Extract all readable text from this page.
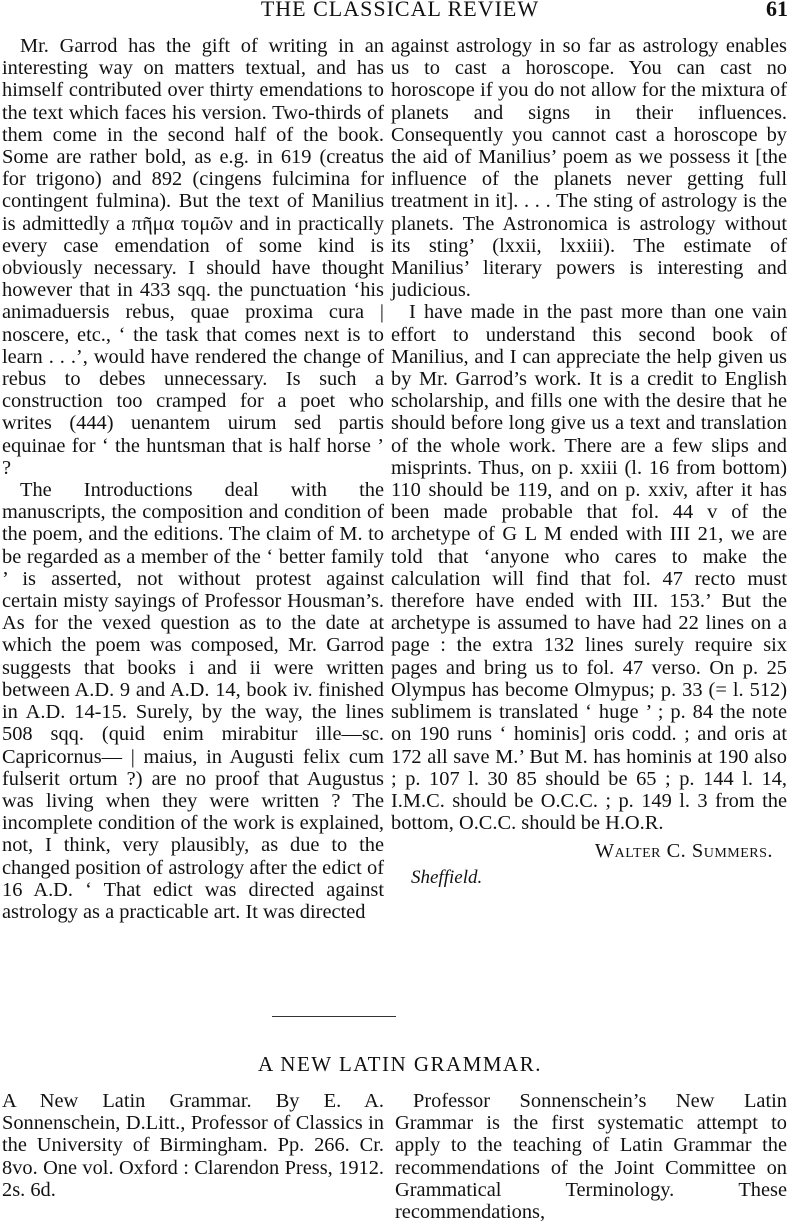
THE CLASSICAL REVIEW	61

Mr. Garrod has the gift of writing in an interesting way on matters textual, and has himself contributed over thirty emendations to the text which faces his version. Two-thirds of them come in the second half of the book. Some are rather bold, as e.g. in 619 (creatus for trigono) and 892 (cingens fulcimina for contingent fulmina). But the text of Manilius is admittedly a πῆμα τομῶν and in practically every case emendation of some kind is obviously necessary. I should have thought however that in 433 sqq. the punctuation ‘his animaduersis rebus, quae proxima cura | noscere, etc., ‘ the task that comes next is to learn . . .’, would have rendered the change of rebus to debes unnecessary. Is such a construction too cramped for a poet who writes (444) uenantem uirum sed partis equinae for ‘ the huntsman that is half horse ’ ?

The Introductions deal with the manuscripts, the composition and condition of the poem, and the editions. The claim of M. to be regarded as a member of the ‘ better family ’ is asserted, not without protest against certain misty sayings of Professor Housman’s. As for the vexed question as to the date at which the poem was composed, Mr. Garrod suggests that books i and ii were written between A.D. 9 and A.D. 14, book iv. finished in A.D. 14-15. Surely, by the way, the lines 508 sqq. (quid enim mirabitur ille—sc. Capricornus— | maius, in Augusti felix cum fulserit ortum ?) are no proof that Augustus was living when they were written ? The incomplete condition of the work is explained, not, I think, very plausibly, as due to the changed position of astrology after the edict of 16 A.D. ‘ That edict was directed against astrology as a practicable art. It was directed

against astrology in so far as astrology enables us to cast a horoscope. You can cast no horoscope if you do not allow for the mixtura of planets and signs in their influences. Consequently you cannot cast a horoscope by the aid of Manilius’ poem as we possess it [the influence of the planets never getting full treatment in it]. . . . The sting of astrology is the planets. The Astronomica is astrology without its sting’ (lxxii, lxxiii). The estimate of Manilius’ literary powers is interesting and judicious.

I have made in the past more than one vain effort to understand this second book of Manilius, and I can appreciate the help given us by Mr. Garrod’s work. It is a credit to English scholarship, and fills one with the desire that he should before long give us a text and translation of the whole work. There are a few slips and misprints. Thus, on p. xxiii (l. 16 from bottom) 110 should be 119, and on p. xxiv, after it has been made probable that fol. 44 v of the archetype of G L M ended with III 21, we are told that ‘anyone who cares to make the calculation will find that fol. 47 recto must therefore have ended with III. 153.’ But the archetype is assumed to have had 22 lines on a page : the extra 132 lines surely require six pages and bring us to fol. 47 verso. On p. 25 Olympus has become Olmypus; p. 33 (= l. 512) sublimem is translated ‘ huge ’ ; p. 84 the note on 190 runs ‘ hominis] oris codd. ; and oris at 172 all save M.’ But M. has hominis at 190 also ; p. 107 l. 30 85 should be 65 ; p. 144 l. 14, I.M.C. should be O.C.C. ; p. 149 l. 3 from the bottom, O.C.C. should be H.O.R.

Walter C. Summers.
Sheffield.
A NEW LATIN GRAMMAR.
A New Latin Grammar. By E. A. Sonnenschein, D.Litt., Professor of Classics in the University of Birmingham. Pp. 266. Cr. 8vo. One vol. Oxford : Clarendon Press, 1912. 2s. 6d.
Professor Sonnenschein’s New Latin Grammar is the first systematic attempt to apply to the teaching of Latin Grammar the recommendations of the Joint Committee on Grammatical Terminology. These recommendations,
